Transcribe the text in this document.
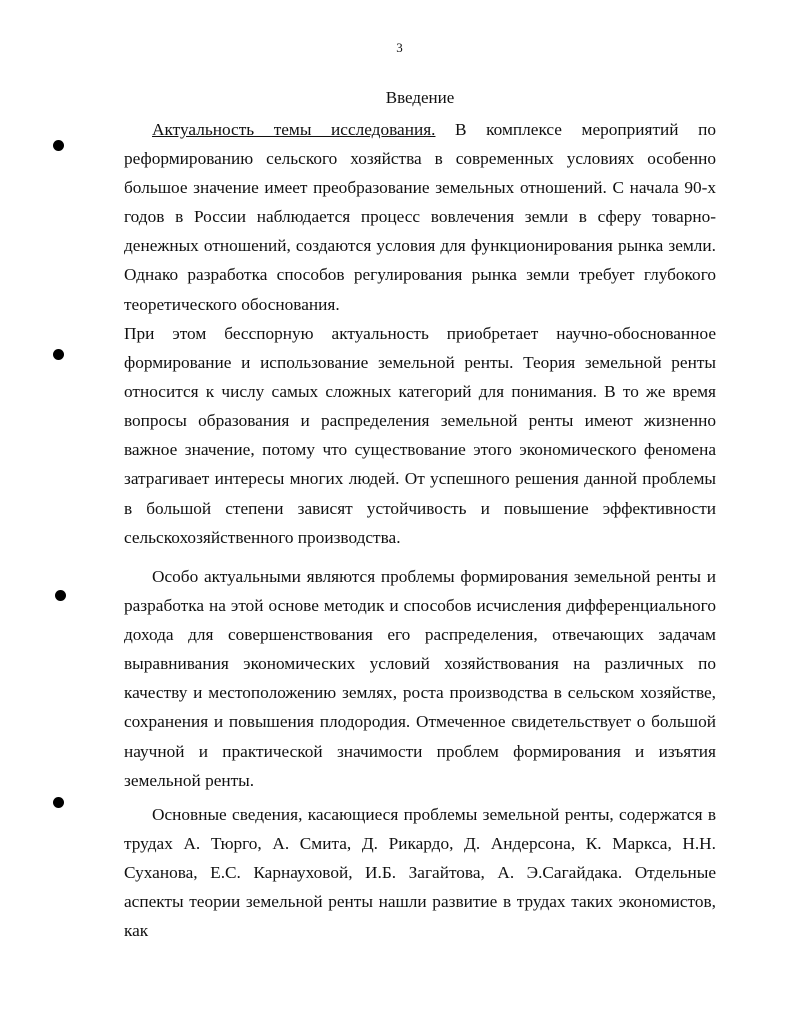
3
Введение
Актуальность темы исследования. В комплексе мероприятий по реформированию сельского хозяйства в современных условиях особенно большое значение имеет преобразование земельных отношений. С начала 90-х годов в России наблюдается процесс вовлечения земли в сферу товарно- денежных отношений, создаются условия для функционирования рынка земли. Однако разработка способов регулирования рынка земли требует глубокого теоретического обоснования.
При этом бесспорную актуальность приобретает научно-обоснованное формирование и использование земельной ренты. Теория земельной ренты относится к числу самых сложных категорий для понимания. В то же время вопросы образования и распределения земельной ренты имеют жизненно важное значение, потому что существование этого экономического феномена затрагивает интересы многих людей. От успешного решения данной проблемы в большой степени зависят устойчивость и повышение эффективности сельскохозяйственного производства.
Особо актуальными являются проблемы формирования земельной ренты и разработка на этой основе методик и способов исчисления дифференциального дохода для совершенствования его распределения, отвечающих задачам выравнивания экономических условий хозяйствования на различных по качеству и местоположению землях, роста производства в сельском хозяйстве, сохранения и повышения плодородия. Отмеченное свидетельствует о большой научной и практической значимости проблем формирования и изъятия земельной ренты.
Основные сведения, касающиеся проблемы земельной ренты, содержатся в трудах А. Тюрго, А. Смита, Д. Рикардо, Д. Андерсона, К. Маркса, Н.Н. Суханова, Е.С. Карнауховой, И.Б. Загайтова, А. Э.Сагайдака. Отдельные аспекты теории земельной ренты нашли развитие в трудах таких экономистов, как
